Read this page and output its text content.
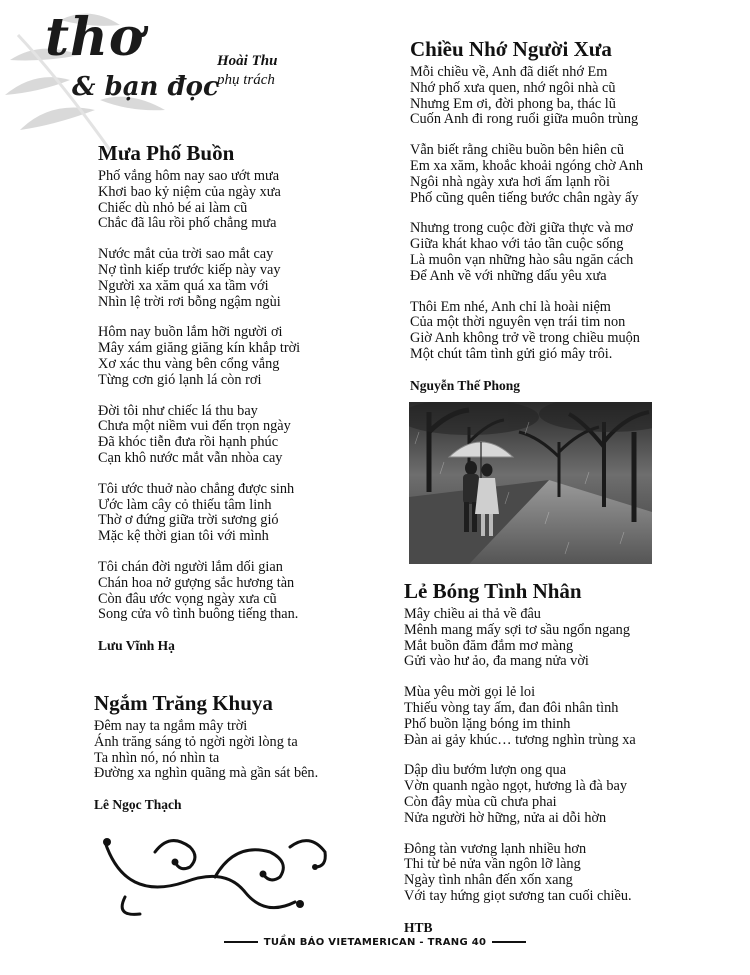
thơ
& bạn đọc
Hoài Thu
phụ trách
Mưa Phố Buồn
Phố vắng hôm nay sao ướt mưa
Khơi bao kỷ niệm của ngày xưa
Chiếc dù nhỏ bé ai làm cũ
Chắc đã lâu rồi phố chẳng mưa
Nước mắt của trời sao mắt cay
Nợ tình kiếp trước kiếp này vay
Người xa xăm quá xa tầm với
Nhìn lệ trời rơi bỗng ngậm ngùi
Hôm nay buồn lắm hỡi người ơi
Mây xám giăng giăng kín khắp trời
Xơ xác thu vàng bên cổng vắng
Từng cơn gió lạnh lá còn rơi
Đời tôi như chiếc lá thu bay
Chưa một niềm vui đến trọn ngày
Đã khóc tiễn đưa rồi hạnh phúc
Cạn khô nước mắt vẫn nhòa cay
Tôi ước thuở nào chẳng được sinh
Ước làm cây cỏ thiếu tâm linh
Thờ ơ đứng giữa trời sương gió
Mặc kệ thời gian tôi với mình
Tôi chán đời người lắm dối gian
Chán hoa nở gượng sắc hương tàn
Còn đâu ước vọng ngày xưa cũ
Song cửa vô tình buông tiếng than.
Lưu Vĩnh Hạ
Ngắm Trăng Khuya
Đêm nay ta ngắm mây trời
Ánh trăng sáng tỏ ngời ngời lòng ta
Ta nhìn nó, nó nhìn ta
Đường xa nghìn quãng mà gần sát bên.
Lê Ngọc Thạch
Chiều Nhớ Người Xưa
Mỗi chiều về, Anh đã diết nhớ Em
Nhớ phố xưa quen, nhớ ngôi nhà cũ
Nhưng Em ơi, đời phong ba, thác lũ
Cuốn Anh đi rong ruổi giữa muôn trùng
Vẫn biết rằng chiều buồn bên hiên cũ
Em xa xăm, khoắc khoải ngóng chờ Anh
Ngôi nhà ngày xưa hơi ấm lạnh rồi
Phố cũng quên tiếng bước chân ngày ấy
Nhưng trong cuộc đời giữa thực và mơ
Giữa khát khao với tảo tần cuộc sống
Là muôn vạn những hào sâu ngăn cách
Để Anh về với những dấu yêu xưa
Thôi Em nhé, Anh chỉ là hoài niệm
Của một thời nguyên vẹn trái tim non
Giờ Anh không trở về trong chiều muộn
Một chút tâm tình gửi gió mây trôi.
Nguyễn Thế Phong
Lẻ Bóng Tình Nhân
Mây chiều ai thả về đâu
Mênh mang mấy sợi tơ sầu ngổn ngang
Mắt buồn đăm đắm mơ màng
Gửi vào hư ảo, đa mang nửa vời
Mùa yêu mời gọi lẻ loi
Thiếu vòng tay ấm, đan đôi nhân tình
Phố buồn lặng bóng im thinh
Đàn ai gảy khúc… tương nghìn trùng xa
Dập dìu bướm lượn ong qua
Vờn quanh ngào ngọt, hương là đà bay
Còn đây mùa cũ chưa phai
Nửa người hờ hững, nửa ai dỗi hờn
Đông tàn vương lạnh nhiều hơn
Thi từ bẻ nửa vần ngôn lỡ làng
Ngày tình nhân đến xốn xang
Với tay hứng giọt sương tan cuối chiều.
HTB
TUẦN BÁO VIETAMERICAN - TRANG 40
